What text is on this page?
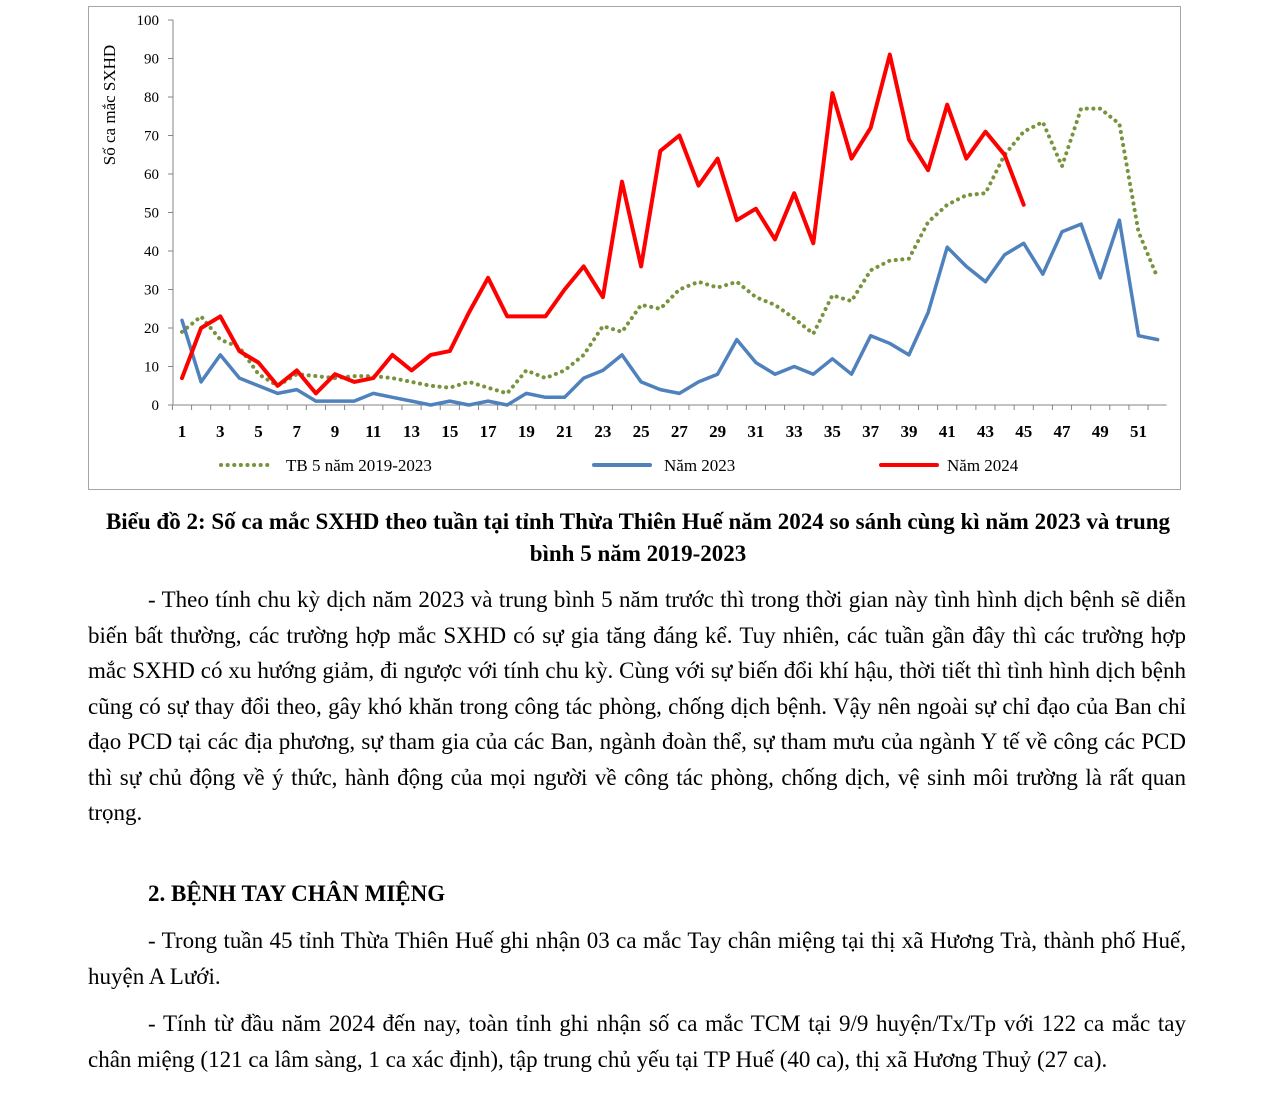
0
10
20
30
40
50
60
70
80
90
100
1 3 5 7 9 11 13 15 17 19 21 23 25 27 29 31 33 35 37 39 41 43 45 47 49 51
Số ca mắc SXHD
TB 5 năm 2019-2023	Năm 2023	Năm 2024
Biểu đồ 2: Số ca mắc SXHD theo tuần tại tỉnh Thừa Thiên Huế năm 2024 so sánh cùng kì năm 2023 và trung bình 5 năm 2019-2023
- Theo tính chu kỳ dịch năm 2023 và trung bình 5 năm trước thì trong thời gian này tình hình dịch bệnh sẽ diễn biến bất thường, các trường hợp mắc SXHD có sự gia tăng đáng kể. Tuy nhiên, các tuần gần đây thì các trường hợp mắc SXHD có xu hướng giảm, đi ngược với tính chu kỳ. Cùng với sự biến đổi khí hậu, thời tiết thì tình hình dịch bệnh cũng có sự thay đổi theo, gây khó khăn trong công tác phòng, chống dịch bệnh. Vậy nên ngoài sự chỉ đạo của Ban chỉ đạo PCD tại các địa phương, sự tham gia của các Ban, ngành đoàn thể, sự tham mưu của ngành Y tế về công các PCD thì sự chủ động về ý thức, hành động của mọi người về công tác phòng, chống dịch, vệ sinh môi trường là rất quan trọng.
2. BỆNH TAY CHÂN MIỆNG
- Trong tuần 45 tỉnh Thừa Thiên Huế ghi nhận 03 ca mắc Tay chân miệng tại thị xã Hương Trà, thành phố Huế, huyện A Lưới.
- Tính từ đầu năm 2024 đến nay, toàn tỉnh ghi nhận số ca mắc TCM tại 9/9 huyện/Tx/Tp với 122 ca mắc tay chân miệng (121 ca lâm sàng, 1 ca xác định), tập trung chủ yếu tại TP Huế (40 ca), thị xã Hương Thuỷ (27 ca).
